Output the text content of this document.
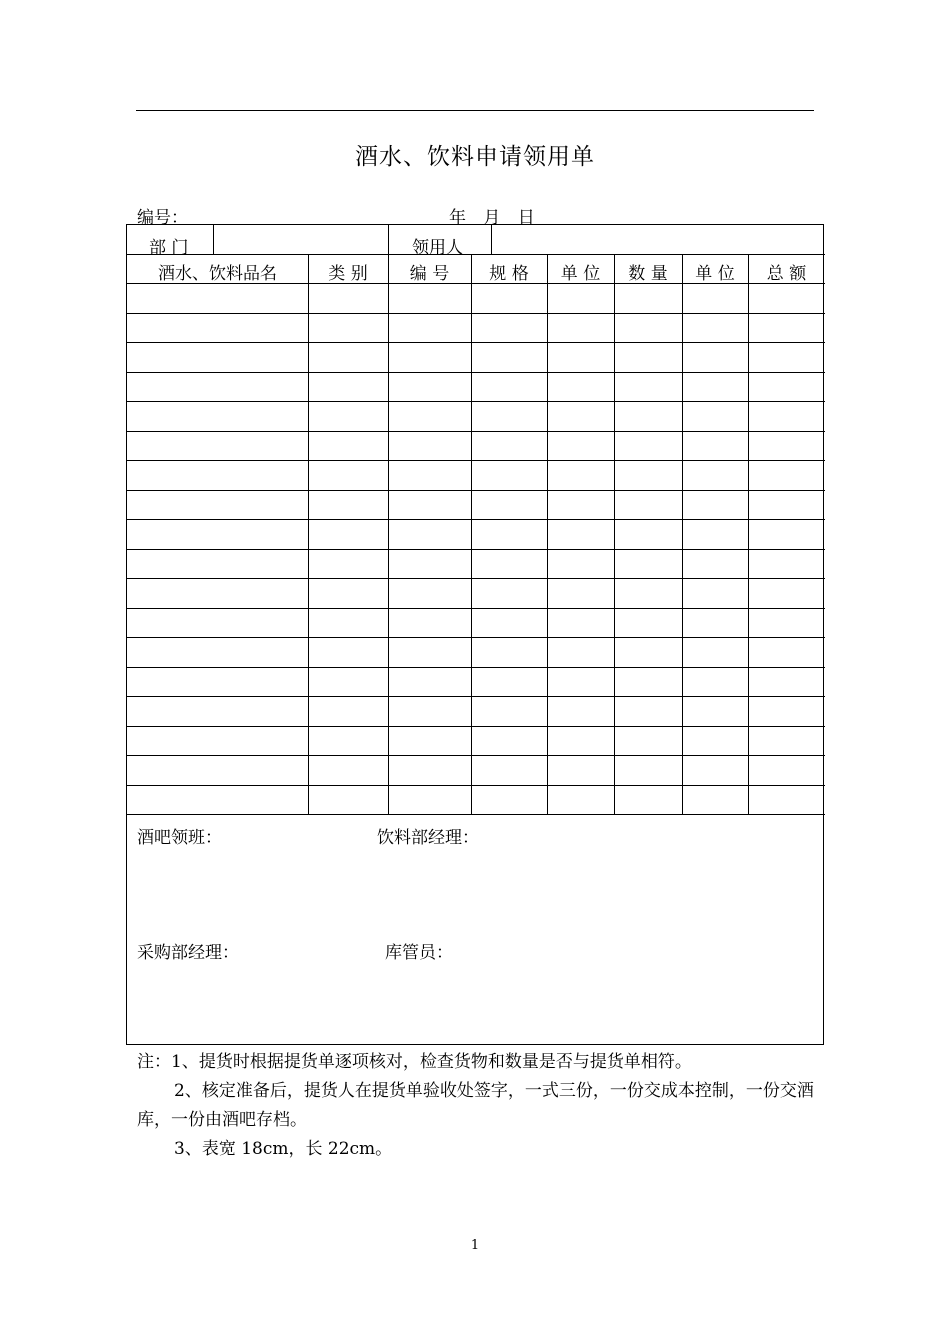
酒水、饮料申请领用单
编号：	年 月 日
部 门	领用人
酒水、饮料品名	类 别	编 号	规 格	单 位	数 量	单 位	总 额
酒吧领班：	饮料部经理：
采购部经理：	库管员：

注：1、提货时根据提货单逐项核对，检查货物和数量是否与提货单相符。

2、核定准备后，提货人在提货单验收处签字，一式三份，一份交成本控制，一份交酒库，一份由酒吧存档。

3、表宽 18cm，长 22cm。

1
